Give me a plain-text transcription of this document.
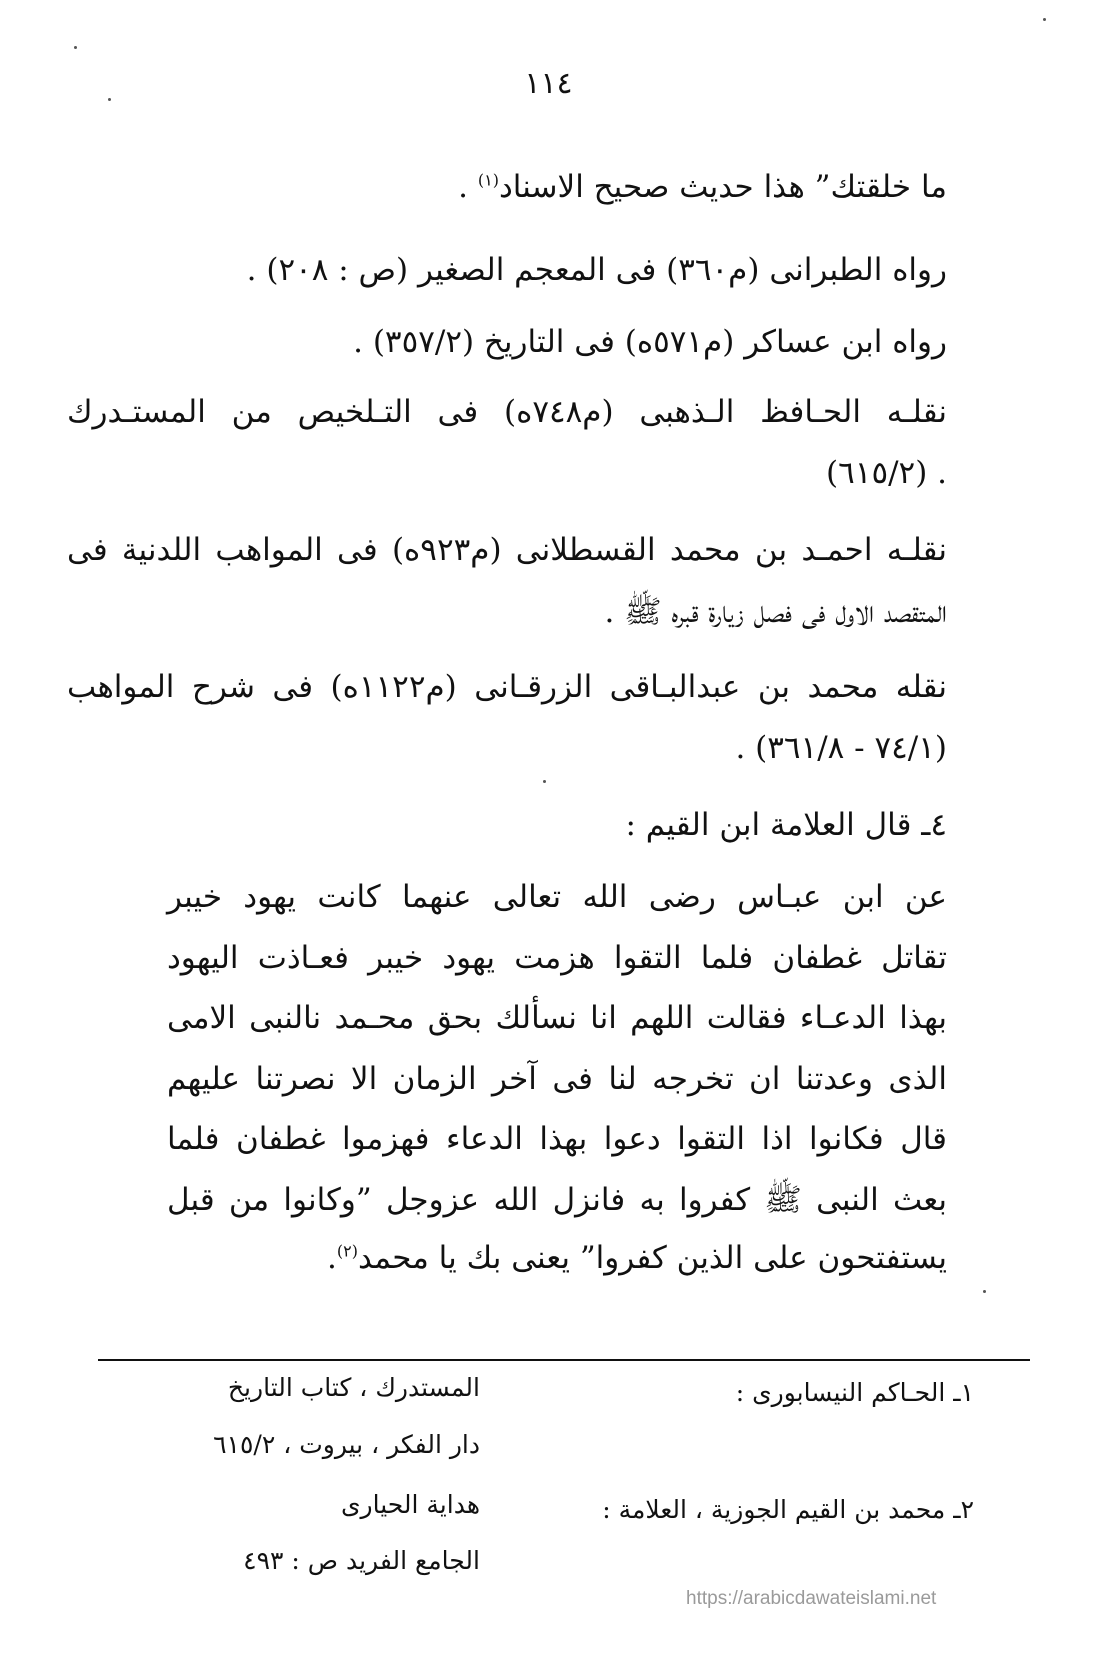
١١٤
ما خلقتك” هذا حديث صحيح الاسناد$^{(١)}$ .
رواه الطبرانى (م٣٦٠) فى المعجم الصغير (ص : ٢٠٨) .
رواه ابن عساكر (م٥٧١ه) فى التاريخ (٣٥٧/٢) .
نقلـه الحـافظ الـذهبى (م٧٤٨ه) فى التـلخيص من المستـدرك
. (٦١٥/٢)
نقلـه احمـد بن محمد القسطلانى (م٩٢٣ه) فى المواهب اللدنية فى
المتقصد الاول فى فصل زيارة قبره ﷺ .
نقله محمد بن عبدالبـاقى الزرقـانى (م١١٢٢ه) فى شرح المواهب
(٧٤/١ - ٣٦١/٨) .
٤ـ قال العلامة ابن القيم :
عن ابن عبـاس رضى الله تعالى عنهما كانت يهود خيبر
تقاتل غطفان فلما التقوا هزمت يهود خيبر فعـاذت اليهود
بهذا الدعـاء فقالت اللهم انا نسألك بحق محـمد نالنبى الامى
الذى وعدتنا ان تخرجه لنا فى آخر الزمان الا نصرتنا عليهم
قال فكانوا اذا التقوا دعوا بهذا الدعاء فهزموا غطفان فلما
بعث النبى ﷺ كفروا به فانزل الله عزوجل ”وكانوا من قبل
يستفتحون على الذين كفروا” يعنى بك يا محمد$^{(٢)}$.
١ـ الحـاكم النيسابورى :
المستدرك ، كتاب التاريخ
دار الفكر ، بيروت ، ٦١٥/٢
٢ـ محمد بن القيم الجوزية ، العلامة :
هداية الحيارى
الجامع الفريد ص : ٤٩٣
https://arabicdawateislami.net
